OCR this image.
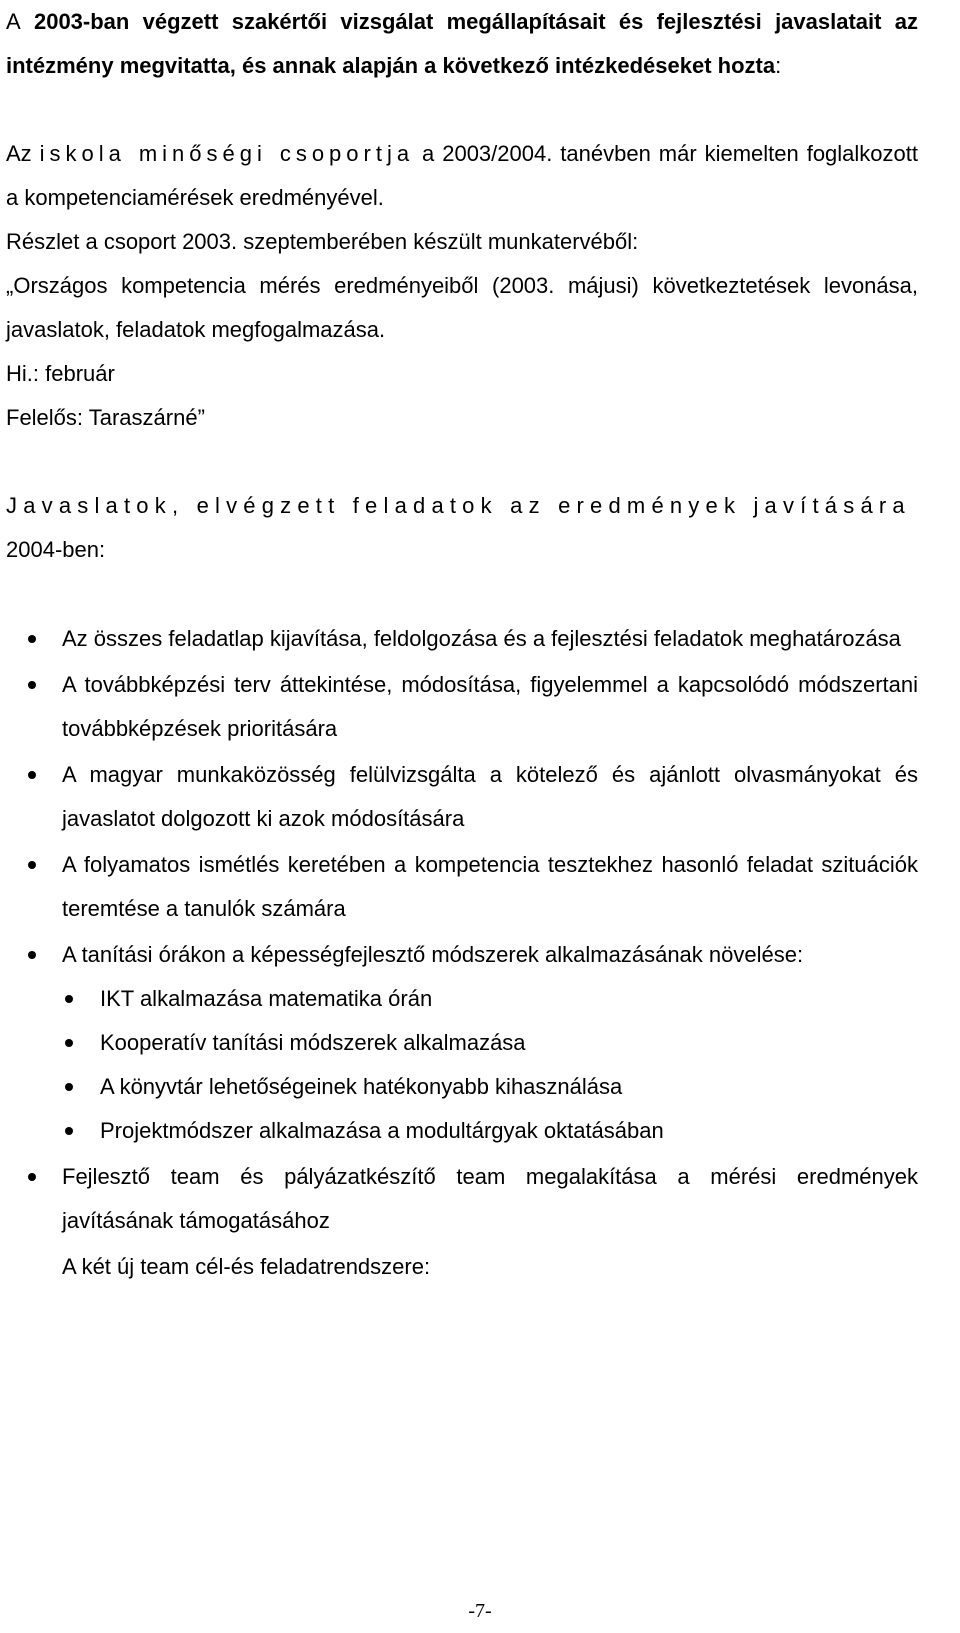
A 2003-ban végzett szakértői vizsgálat megállapításait és fejlesztési javaslatait az intézmény megvitatta, és annak alapján a következő intézkedéseket hozta:

Az iskola minőségi csoportja a 2003/2004. tanévben már kiemelten foglalkozott a kompetenciamérések eredményével.

Részlet a csoport 2003. szeptemberében készült munkatervéből:

„Országos kompetencia mérés eredményeiből (2003. májusi) következtetések levonása, javaslatok, feladatok megfogalmazása.

Hi.: február

Felelős: Taraszárné”

Javaslatok, elvégzett feladatok az eredmények javítására

2004-ben:

Az összes feladatlap kijavítása, feldolgozása és a fejlesztési feladatok meghatározása
A továbbképzési terv áttekintése, módosítása, figyelemmel a kapcsolódó módszertani továbbképzések prioritására
A magyar munkaközösség felülvizsgálta a kötelező és ajánlott olvasmányokat és javaslatot dolgozott ki azok módosítására
A folyamatos ismétlés keretében a kompetencia tesztekhez hasonló feladat szituációk teremtése a tanulók számára
A tanítási órákon a képességfejlesztő módszerek alkalmazásának növelése:
IKT alkalmazása matematika órán
Kooperatív tanítási módszerek alkalmazása
A könyvtár lehetőségeinek hatékonyabb kihasználása
Projektmódszer alkalmazása a modultárgyak oktatásában
Fejlesztő team és pályázatkészítő team megalakítása a mérési eredmények javításának támogatásához

A két új team cél-és feladatrendszere:

-7-
